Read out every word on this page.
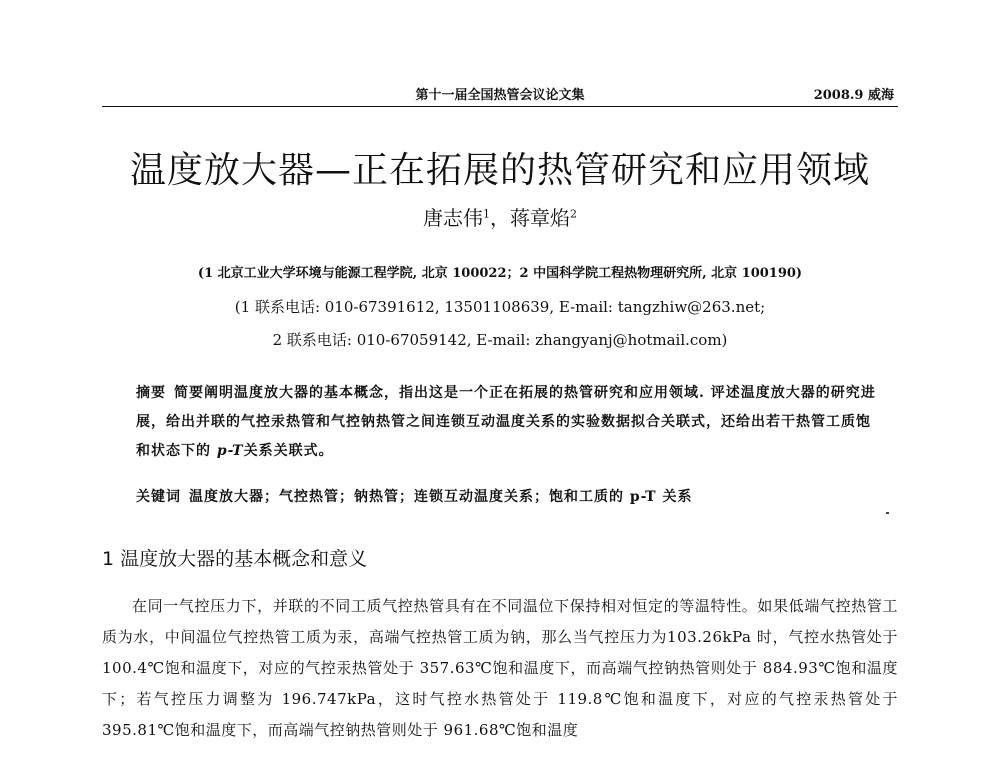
第十一届全国热管会议论文集	2008.9 威海
温度放大器—正在拓展的热管研究和应用领域
唐志伟$^1$，蒋章焰$^2$
(1 北京工业大学环境与能源工程学院, 北京 100022；2 中国科学院工程热物理研究所, 北京 100190)
(1 联系电话: 010-67391612, 13501108639, E-mail: tangzhiw@263.net;
2 联系电话: 010-67059142, E-mail: zhangyanj@hotmail.com)
摘要 简要阐明温度放大器的基本概念，指出这是一个正在拓展的热管研究和应用领域. 评述温度放大器的研究进展，给出并联的气控汞热管和气控钠热管之间连锁互动温度关系的实验数据拟合关联式，还给出若干热管工质饱和状态下的 p-T关系关联式。
关键词 温度放大器；气控热管；钠热管；连锁互动温度关系；饱和工质的 p-T 关系
1 温度放大器的基本概念和意义

在同一气控压力下，并联的不同工质气控热管具有在不同温位下保持相对恒定的等温特性。如果低端气控热管工质为水，中间温位气控热管工质为汞，高端气控热管工质为钠，那么当气控压力为103.26kPa 时，气控水热管处于 100.4℃饱和温度下，对应的气控汞热管处于 357.63℃饱和温度下，而高端气控钠热管则处于 884.93℃饱和温度下；若气控压力调整为 196.747kPa，这时气控水热管处于 119.8℃饱和温度下，对应的气控汞热管处于 395.81℃饱和温度下，而高端气控钠热管则处于 961.68℃饱和温度
